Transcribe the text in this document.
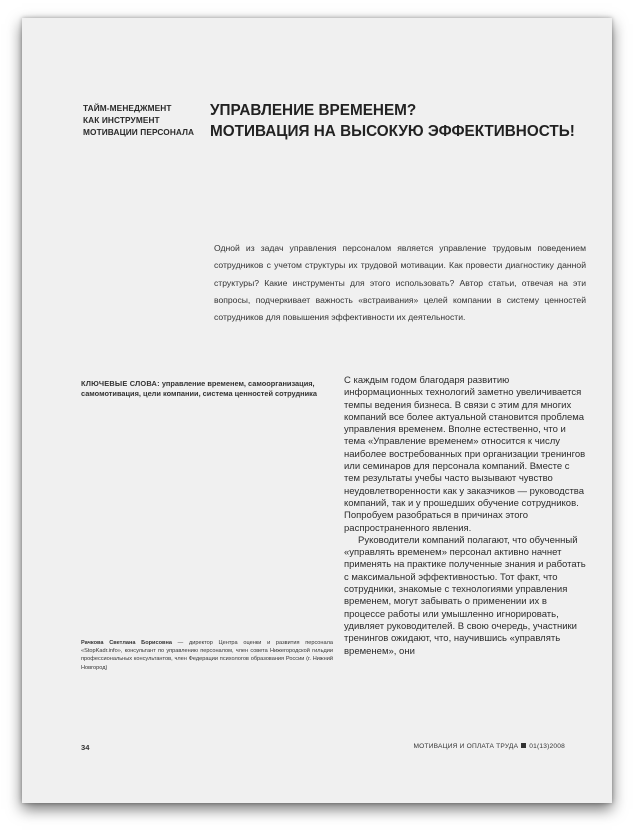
ТАЙМ-МЕНЕДЖМЕНТ
КАК ИНСТРУМЕНТ
МОТИВАЦИИ ПЕРСОНАЛА
УПРАВЛЕНИЕ ВРЕМЕНЕМ?
МОТИВАЦИЯ НА ВЫСОКУЮ ЭФФЕКТИВНОСТЬ!
Одной из задач управления персоналом является управление трудовым поведением сотрудников с учетом структуры их трудовой мотивации. Как провести диагностику данной структуры? Какие инструменты для этого использовать? Автор статьи, отвечая на эти вопросы, подчеркивает важность «встраивания» целей компании в систему ценностей сотрудников для повышения эффективности их деятельности.
КЛЮЧЕВЫЕ СЛОВА: управление временем, самоорганизация, самомотивация, цели компании, система ценностей сотрудника
Рачкова Светлана Борисовна — директор Центра оценки и развития персонала «StopKadr.info», консультант по управлению персоналом, член совета Нижегородской гильдии профессиональных консультантов, член Федерации психологов образования России (г. Нижний Новгород)

С каждым годом благодаря развитию информационных технологий заметно увеличивается темпы ведения бизнеса. В связи с этим для многих компаний все более актуальной становится проблема управления временем. Вполне естественно, что и тема «Управление временем» относится к числу наиболее востребованных при организации тренингов или семинаров для персонала компаний. Вместе с тем результаты учебы часто вызывают чувство неудовлетворенности как у заказчиков — руководства компаний, так и у прошедших обучение сотрудников. Попробуем разобраться в причинах этого распространенного явления.

Руководители компаний полагают, что обученный «управлять временем» персонал активно начнет применять на практике полученные знания и работать с максимальной эффективностью. Тот факт, что сотрудники, знакомые с технологиями управления временем, могут забывать о применении их в процессе работы или умышленно игнорировать, удивляет руководителей. В свою очередь, участники тренингов ожидают, что, научившись «управлять временем», они

34	МОТИВАЦИЯ И ОПЛАТА ТРУДА 01(13)2008
